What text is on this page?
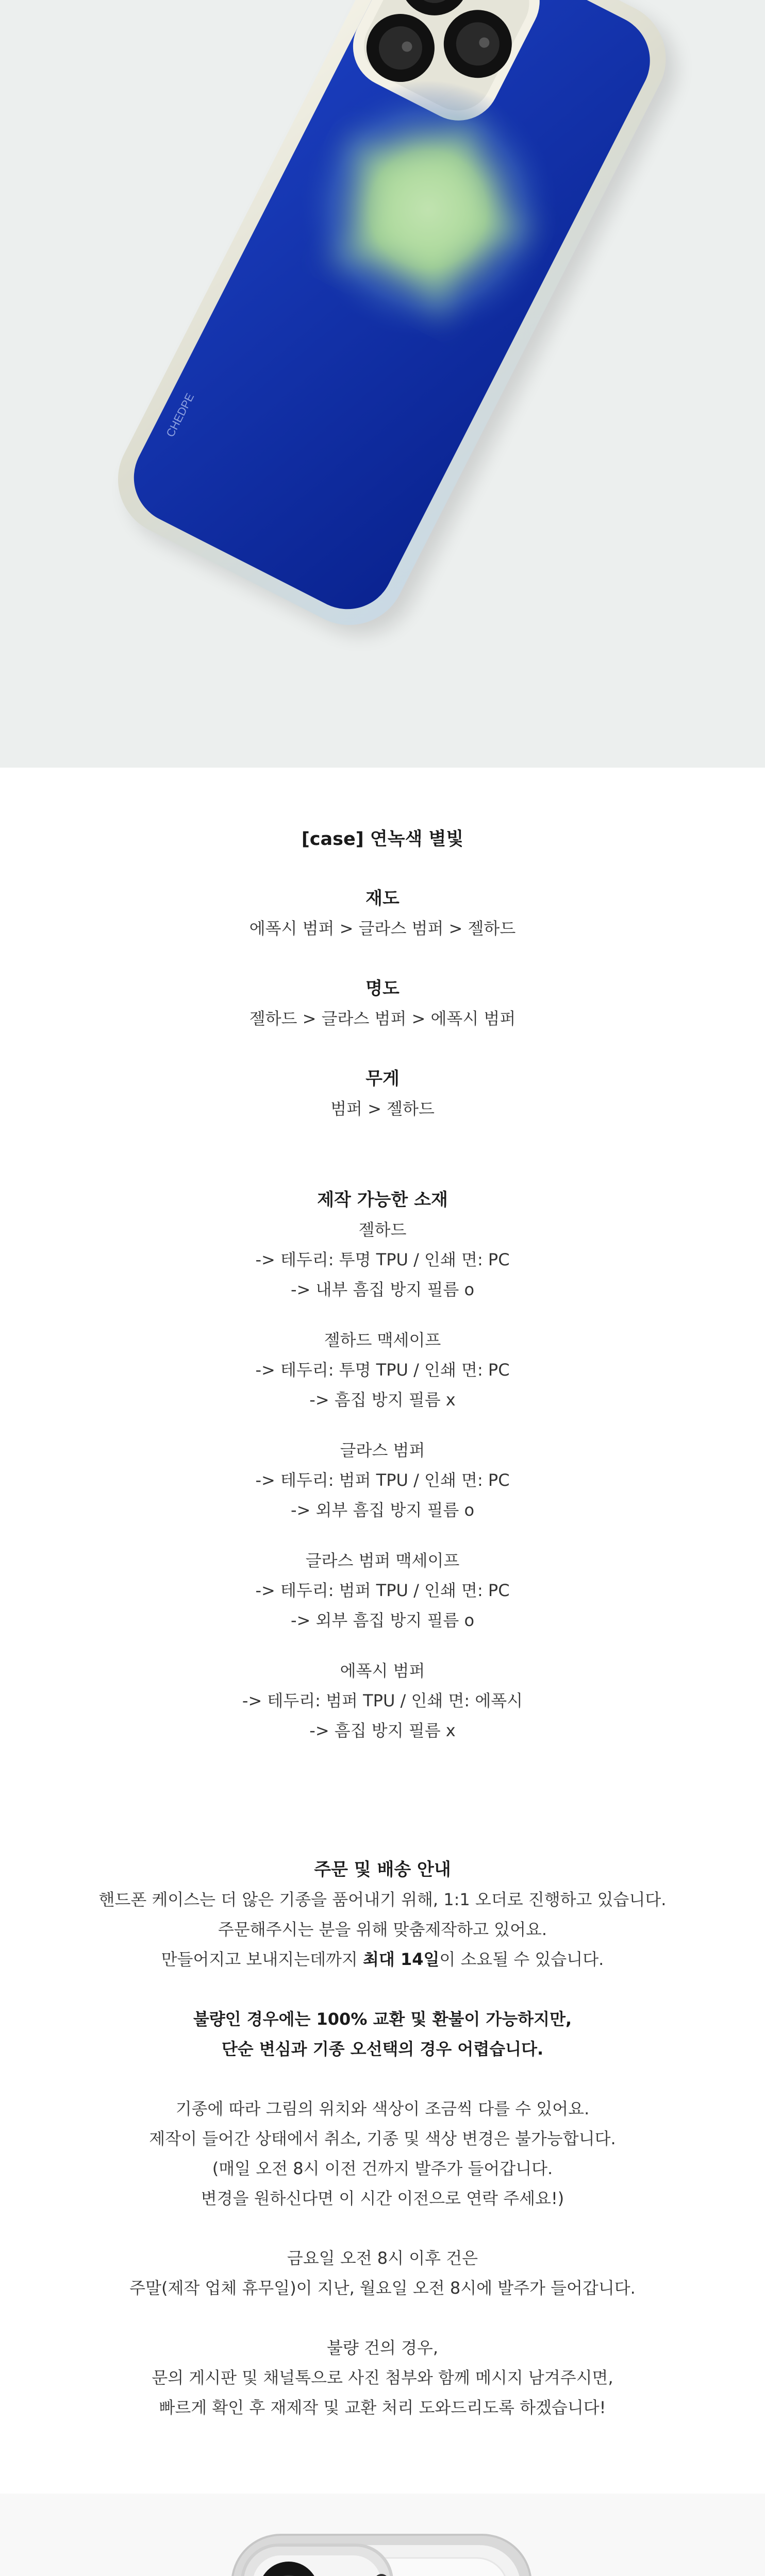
CHEDPE
[case] 연녹색 별빛
재도
에폭시 범퍼 > 글라스 범퍼 > 젤하드
명도
젤하드 > 글라스 범퍼 > 에폭시 범퍼
무게
범퍼 > 젤하드
제작 가능한 소재
젤하드
-> 테두리: 투명 TPU / 인쇄 면: PC
-> 내부 흠집 방지 필름 o
젤하드 맥세이프
-> 테두리: 투명 TPU / 인쇄 면: PC
-> 흠집 방지 필름 x
글라스 범퍼
-> 테두리: 범퍼 TPU / 인쇄 면: PC
-> 외부 흠집 방지 필름 o
글라스 범퍼 맥세이프
-> 테두리: 범퍼 TPU / 인쇄 면: PC
-> 외부 흠집 방지 필름 o
에폭시 범퍼
-> 테두리: 범퍼 TPU / 인쇄 면: 에폭시
-> 흠집 방지 필름 x
주문 및 배송 안내
핸드폰 케이스는 더 않은 기종을 품어내기 위해, 1:1 오더로 진행하고 있습니다.
주문해주시는 분을 위해 맞춤제작하고 있어요.
만들어지고 보내지는데까지 최대 14일이 소요될 수 있습니다.
불량인 경우에는 100% 교환 및 환불이 가능하지만,
단순 변심과 기종 오선택의 경우 어렵습니다.
기종에 따라 그림의 위치와 색상이 조금씩 다를 수 있어요.
제작이 들어간 상태에서 취소, 기종 및 색상 변경은 불가능합니다.
(매일 오전 8시 이전 건까지 발주가 들어갑니다.
변경을 원하신다면 이 시간 이전으로 연락 주세요!)
금요일 오전 8시 이후 건은
주말(제작 업체 휴무일)이 지난, 월요일 오전 8시에 발주가 들어갑니다.
불량 건의 경우,
문의 게시판 및 채널톡으로 사진 첨부와 함께 메시지 남겨주시면,
빠르게 확인 후 재제작 및 교환 처리 도와드리도록 하겠습니다!
